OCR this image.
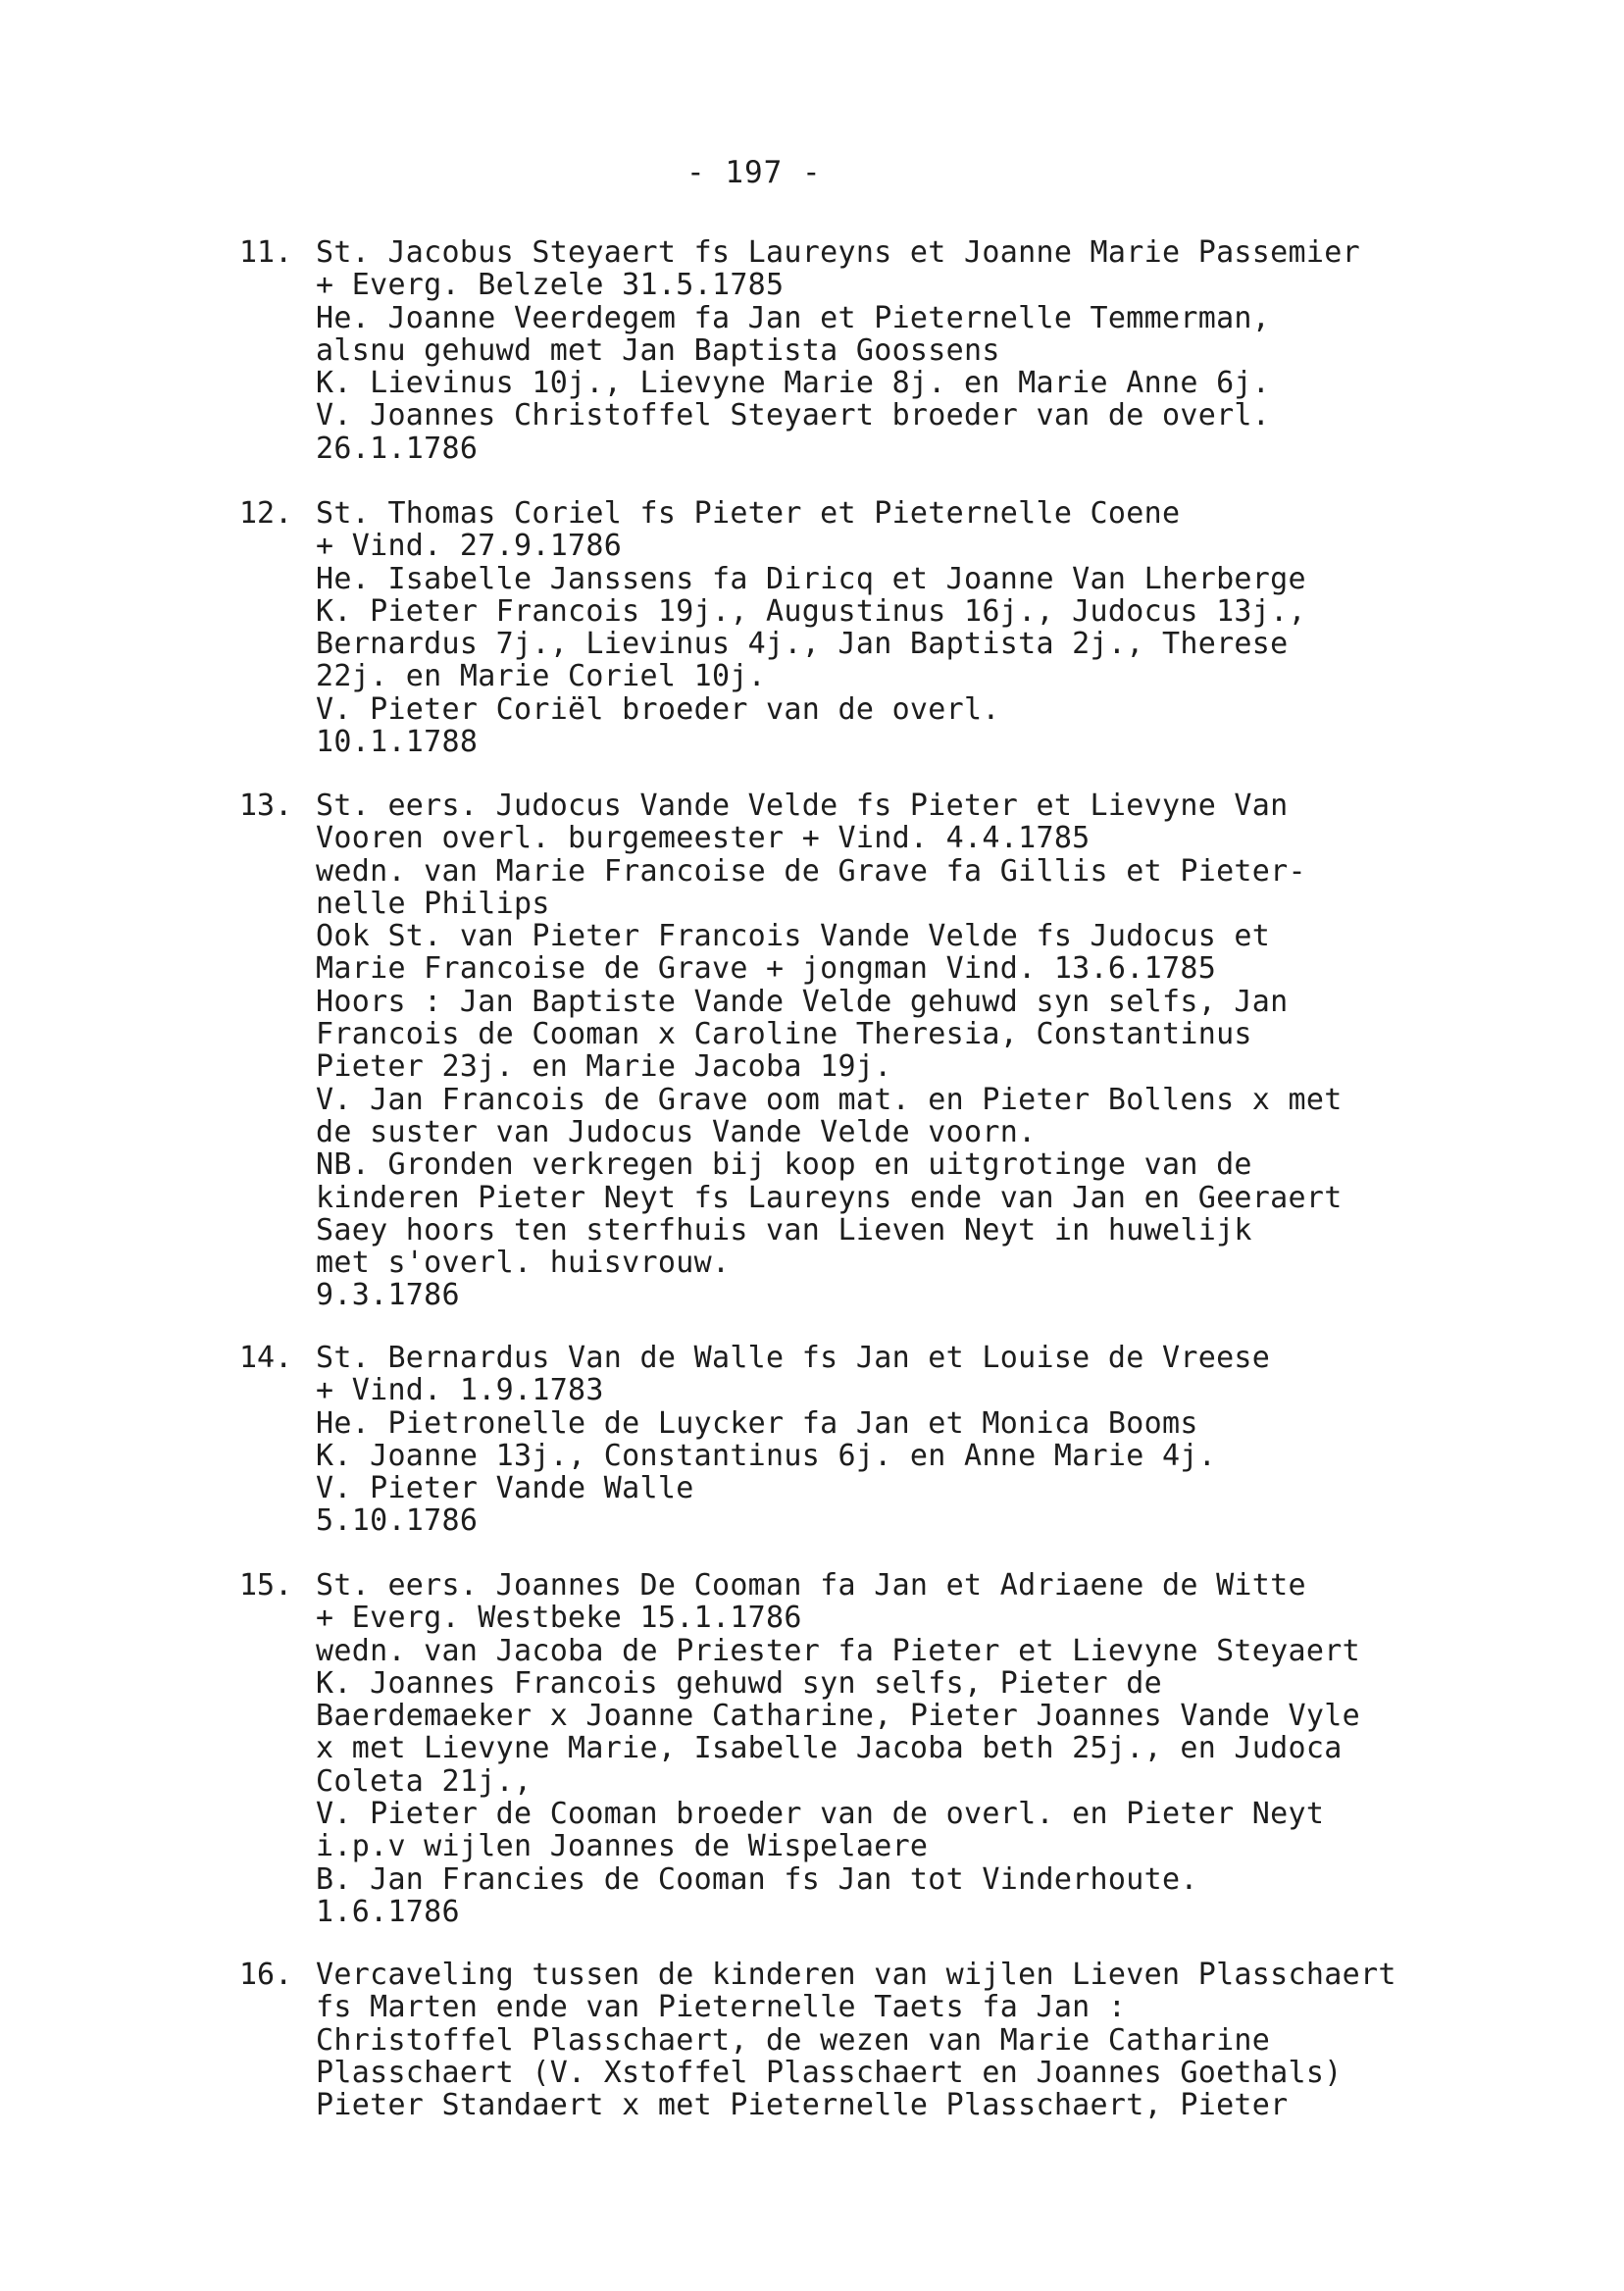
- 197 -
11. St. Jacobus Steyaert fs Laureyns et Joanne Marie Passemier
+ Everg. Belzele 31.5.1785
He. Joanne Veerdegem fa Jan et Pieternelle Temmerman,
alsnu gehuwd met Jan Baptista Goossens
K. Lievinus 10j., Lievyne Marie 8j. en Marie Anne 6j.
V. Joannes Christoffel Steyaert broeder van de overl.
26.1.1786
12. St. Thomas Coriel fs Pieter et Pieternelle Coene
+ Vind. 27.9.1786
He. Isabelle Janssens fa Diricq et Joanne Van Lherberge
K. Pieter Francois 19j., Augustinus 16j., Judocus 13j.,
Bernardus 7j., Lievinus 4j., Jan Baptista 2j., Therese
22j. en Marie Coriel 10j.
V. Pieter Coriël broeder van de overl.
10.1.1788
13. St. eers. Judocus Vande Velde fs Pieter et Lievyne Van
Vooren overl. burgemeester + Vind. 4.4.1785
wedn. van Marie Francoise de Grave fa Gillis et Pieter-
nelle Philips
Ook St. van Pieter Francois Vande Velde fs Judocus et
Marie Francoise de Grave + jongman Vind. 13.6.1785
Hoors : Jan Baptiste Vande Velde gehuwd syn selfs, Jan
Francois de Cooman x Caroline Theresia, Constantinus
Pieter 23j. en Marie Jacoba 19j.
V. Jan Francois de Grave oom mat. en Pieter Bollens x met
de suster van Judocus Vande Velde voorn.
NB. Gronden verkregen bij koop en uitgrotinge van de
kinderen Pieter Neyt fs Laureyns ende van Jan en Geeraert
Saey hoors ten sterfhuis van Lieven Neyt in huwelijk
met s'overl. huisvrouw.
9.3.1786
14. St. Bernardus Van de Walle fs Jan et Louise de Vreese
+ Vind. 1.9.1783
He. Pietronelle de Luycker fa Jan et Monica Booms
K. Joanne 13j., Constantinus 6j. en Anne Marie 4j.
V. Pieter Vande Walle
5.10.1786
15. St. eers. Joannes De Cooman fa Jan et Adriaene de Witte
+ Everg. Westbeke 15.1.1786
wedn. van Jacoba de Priester fa Pieter et Lievyne Steyaert
K. Joannes Francois gehuwd syn selfs, Pieter de
Baerdemaeker x Joanne Catharine, Pieter Joannes Vande Vyle
x met Lievyne Marie, Isabelle Jacoba beth 25j., en Judoca
Coleta 21j.,
V. Pieter de Cooman broeder van de overl. en Pieter Neyt
i.p.v wijlen Joannes de Wispelaere
B. Jan Francies de Cooman fs Jan tot Vinderhoute.
1.6.1786
16. Vercaveling tussen de kinderen van wijlen Lieven Plasschaert
fs Marten ende van Pieternelle Taets fa Jan :
Christoffel Plasschaert, de wezen van Marie Catharine
Plasschaert (V. Xstoffel Plasschaert en Joannes Goethals)
Pieter Standaert x met Pieternelle Plasschaert, Pieter
